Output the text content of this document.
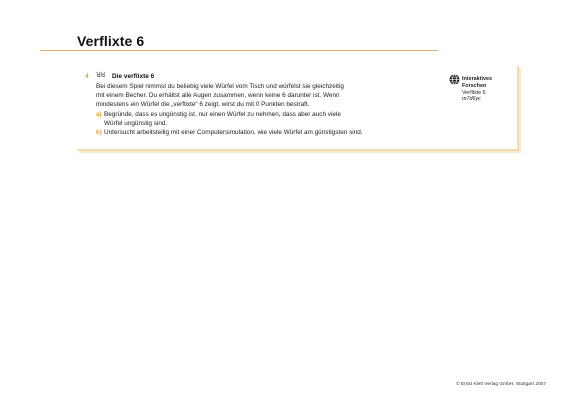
Verflixte 6
4 ꓤꓤ Die verflixte 6

Bei diesem Spiel nimmst du beliebig viele Würfel vom Tisch und würfelst sie gleichzeitig

mit einem Becher. Du erhältst alle Augen zusammen, wenn keine 6 darunter ist. Wenn

mindestens ein Würfel die „verflixte“ 6 zeigt, wirst du mit 0 Punkten bestraft.

a) Begründe, dass es ungünstig ist, nur einen Würfel zu nehmen, dass aber auch viele
Würfel ungünstig sind.
b) Untersucht arbeitsteilig mit einer Computersimulation, wie viele Würfel am günstigsten sind.
Interaktives
Forschen
Verflixte 6
m7d6yc
© Ernst Klett Verlag GmbH, Stuttgart 2007
